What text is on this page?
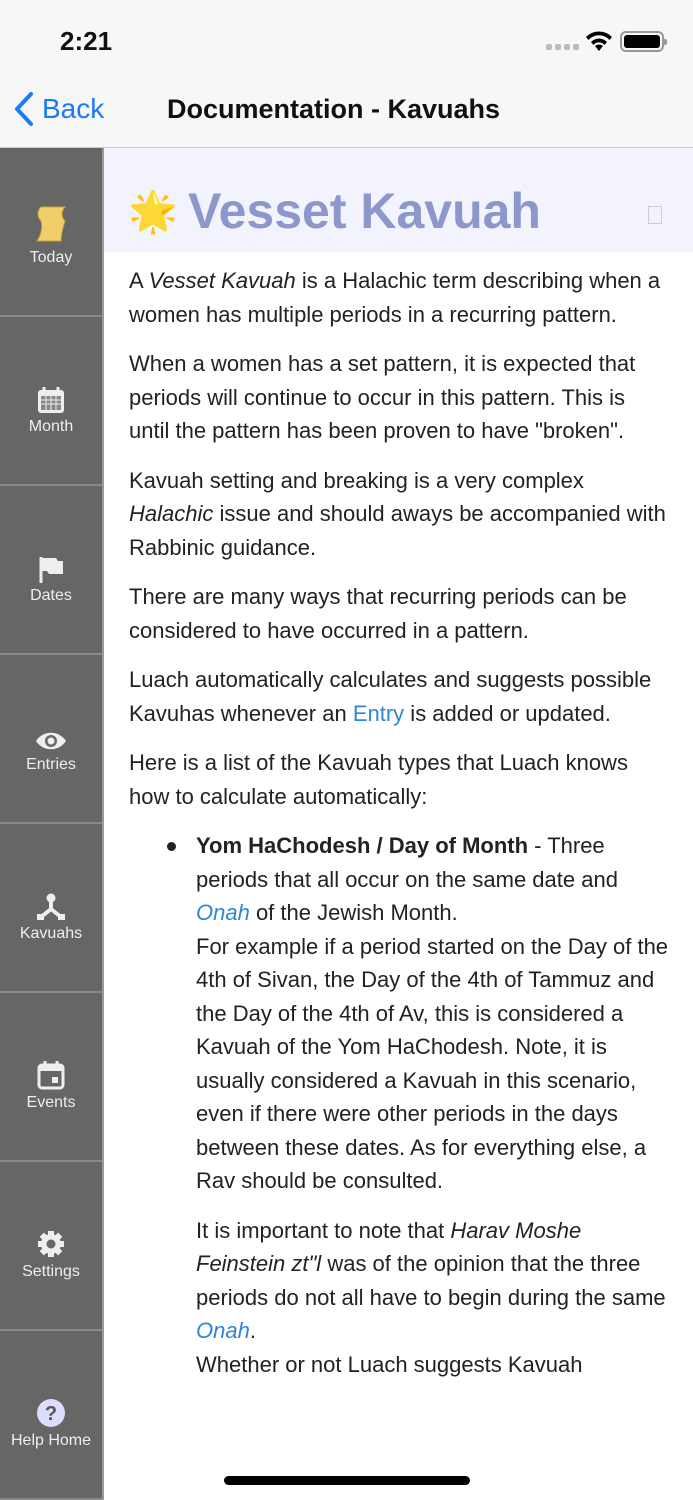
2:21
Back Documentation - Kavuahs
Today
Month
Dates
Entries
Kavuahs
Events
Settings
?
Help Home
🌟 Vesset Kavuah

A Vesset Kavuah is a Halachic term describing when a women has multiple periods in a recurring pattern.

When a women has a set pattern, it is expected that periods will continue to occur in this pattern. This is until the pattern has been proven to have "broken".

Kavuah setting and breaking is a very complex Halachic issue and should aways be accompanied with Rabbinic guidance.

There are many ways that recurring periods can be considered to have occurred in a pattern.

Luach automatically calculates and suggests possible Kavuhas whenever an Entry is added or updated.

Here is a list of the Kavuah types that Luach knows how to calculate automatically:

Yom HaChodesh / Day of Month - Three periods that all occur on the same date and Onah of the Jewish Month.

For example if a period started on the Day of the 4th of Sivan, the Day of the 4th of Tammuz and the Day of the 4th of Av, this is considered a Kavuah of the Yom HaChodesh. Note, it is usually considered a Kavuah in this scenario, even if there were other periods in the days between these dates. As for everything else, a Rav should be consulted.

It is important to note that Harav Moshe Feinstein zt"l was of the opinion that the three periods do not all have to begin during the same Onah.
Whether or not Luach suggests Kavuah
